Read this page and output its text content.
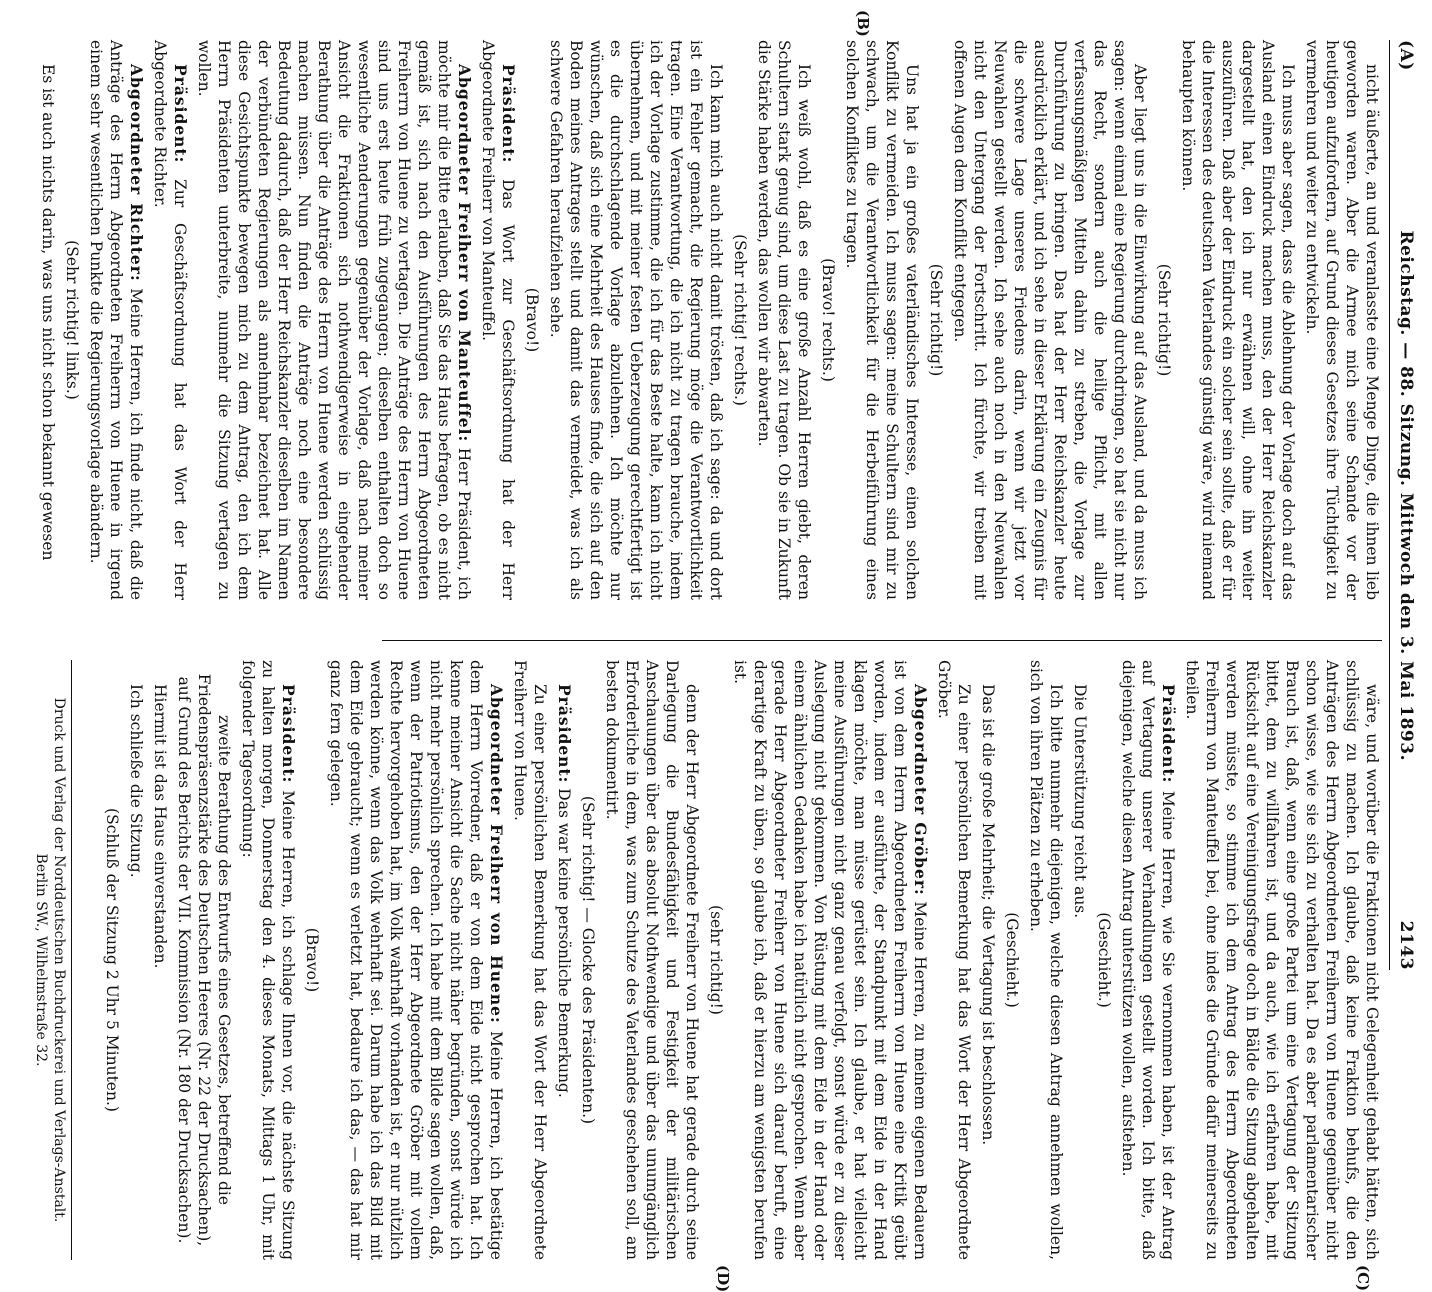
(A)
Reichstag. — 88. Sitzung. Mittwoch den 3. Mai 1893.
2143

nicht äußerte, an und veranlasste eine Menge Dinge, die ihnen lieb geworden waren. Aber die Armee mich seine Schande vor der heutigen aufzufordern, auf Grund dieses Gesetzes ihre Tüchtigkeit zu vermehren und weiter zu entwickeln.

Ich muss aber sagen, dass die Ablehnung der Vorlage doch auf das Ausland einen Eindruck machen muss, den der Herr Reichskanzler dargestellt hat, den ich nur erwähnen will, ohne ihn weiter auszuführen. Daß aber der Eindruck ein solcher sein sollte, daß er für die Interessen des deutschen Vaterlandes günstig wäre, wird niemand behaupten können.

(Sehr richtig!)

Aber liegt uns in die Einwirkung auf das Ausland, und da muss ich sagen: wenn einmal eine Regierung durchdringen, so hat sie nicht nur das Recht, sondern auch die heilige Pflicht, mit allen verfassungsmäßigen Mitteln dahin zu streben, die Vorlage zur Durchführung zu bringen. Das hat der Herr Reichskanzler heute ausdrücklich erklärt, und ich sehe in dieser Erklärung ein Zeugnis für die schwere Lage unseres Friedens darin, wenn wir jetzt vor Neuwahlen gestellt werden. Ich sehe auch noch in den Neuwahlen nicht den Untergang der Fortschritt. Ich fürchte, wir treiben mit offenen Augen dem Konflikt entgegen.

(Sehr richtig!)

Uns hat ja ein großes vaterländisches Interesse, einen solchen Konflikt zu vermeiden. Ich muss sagen: meine Schultern sind mir zu schwach, um die Verantwortlichkeit für die Herbeiführung eines solchen Konfliktes zu tragen.

(Bravo! rechts.)

Ich weiß wohl, daß es eine große Anzahl Herren giebt, deren Schultern stark genug sind, um diese Last zu tragen. Ob sie in Zukunft die Stärke haben werden, das wollen wir abwarten.

(Sehr richtig! rechts.)

Ich kann mich auch nicht damit trösten, daß ich sage: da und dort ist ein Fehler gemacht, die Regierung möge die Verantwortlichkeit tragen. Eine Verantwortung, die ich nicht zu tragen brauche, indem ich der Vorlage zustimme, die ich für das Beste halte, kann ich nicht übernehmen, und mit meiner festen Ueberzeugung gerechtfertigt ist es die durchschlagende Vorlage abzulehnen. Ich möchte nur wünschen, daß sich eine Mehrheit des Hauses finde, die sich auf den Boden meines Antrages stellt und damit das vermeidet, was ich als schwere Gefahren heraufziehen sehe.

(Bravo!)

Präsident: Das Wort zur Geschäftsordnung hat der Herr Abgeordnete Freiherr von Manteuffel.

Abgeordneter Freiherr von Manteuffel: Herr Präsident, ich möchte mir die Bitte erlauben, daß Sie das Haus befragen, ob es nicht gemäß ist, sich nach den Ausführungen des Herrn Abgeordneten Freiherrn von Huene zu vertagen. Die Anträge des Herrn von Huene sind uns erst heute früh zugegangen; dieselben enthalten doch so wesentliche Aenderungen gegenüber der Vorlage, daß nach meiner Ansicht die Fraktionen sich nothwendigerweise in eingehender Berathung über die Anträge des Herrn von Huene werden schlüssig machen müssen. Nun finden die Anträge noch eine besondere Bedeutung dadurch, daß der Herr Reichskanzler dieselben im Namen der verbündeten Regierungen als annehmbar bezeichnet hat. Alle diese Gesichtspunkte bewegen mich zu dem Antrag, den ich dem Herrn Präsidenten unterbreite, nunmehr die Sitzung vertagen zu wollen.

Präsident: Zur Geschäftsordnung hat das Wort der Herr Abgeordnete Richter.

Abgeordneter Richter: Meine Herren, ich finde nicht, daß die Anträge des Herrn Abgeordneten Freiherrn von Huene in irgend einem sehr wesentlichen Punkte die Regierungsvorlage abändern.

(Sehr richtig! links.)

Es ist auch nichts darin, was uns nicht schon bekannt gewesen

wäre, und worüber die Fraktionen nicht Gelegenheit gehabt hätten, sich schlüssig zu machen. Ich glaube, daß keine Fraktion behufs, die den Anträgen des Herrn Abgeordneten Freiherrn von Huene gegenüber nicht schon wisse, wie sie sich zu verhalten hat. Da es aber parlamentarischer Brauch ist, daß, wenn eine große Partei um eine Vertagung der Sitzung bittet, dem zu willfahren ist, und da auch, wie ich erfahren habe, mit Rücksicht auf eine Vereinigungsfrage doch in Bälde die Sitzung abgehalten werden müsste, so stimme ich dem Antrag des Herrn Abgeordneten Freiherrn von Manteuffel bei, ohne indes die Gründe dafür meinerseits zu theilen.

Präsident: Meine Herren, wie Sie vernommen haben, ist der Antrag auf Vertagung unserer Verhandlungen gestellt worden. Ich bitte, daß diejenigen, welche diesen Antrag unterstützen wollen, aufstehen.

(Geschieht.)

Die Unterstützung reicht aus.

Ich bitte nunmehr diejenigen, welche diesen Antrag annehmen wollen, sich von ihren Plätzen zu erheben.

(Geschieht.)

Das ist die große Mehrheit; die Vertagung ist beschlossen.

Zu einer persönlichen Bemerkung hat das Wort der Herr Abgeordnete Gröber.

Abgeordneter Gröber: Meine Herren, zu meinem eigenen Bedauern ist von dem Herrn Abgeordneten Freiherrn von Huene eine Kritik geübt worden, indem er ausführte, der Standpunkt mit dem Eide in der Hand klagen möchte, man müsse gerüstet sein. Ich glaube, er hat vielleicht meine Ausführungen nicht ganz genau verfolgt, sonst würde er zu dieser Auslegung nicht gekommen. Von Rüstung mit dem Eide in der Hand oder einem ähnlichen Gedanken habe ich natürlich nicht gesprochen. Wenn aber gerade Herr Abgeordneter Freiherr von Huene sich darauf beruft, eine derartige Kraft zu üben, so glaube ich, daß er hierzu am wenigsten berufen ist.

(sehr richtig!)

denn der Herr Abgeordnete Freiherr von Huene hat gerade durch seine Darlegung die Bundesfähigkeit und Festigkeit der militärischen Anschauungen über das absolut Nothwendige und über das unumgänglich Erforderliche in dem, was zum Schutze des Vaterlandes geschehen soll, am besten dokumentirt.

(Sehr richtig! — Glocke des Präsidenten.)

Präsident: Das war keine persönliche Bemerkung.

Zu einer persönlichen Bemerkung hat das Wort der Herr Abgeordnete Freiherr von Huene.

Abgeordneter Freiherr von Huene: Meine Herren, ich bestätige dem Herrn Vorredner, daß er von dem Eide nicht gesprochen hat. Ich kenne meiner Ansicht die Sache nicht näher begründen, sonst würde ich nicht mehr persönlich sprechen. Ich habe mit dem Bilde sagen wollen, daß, wenn der Patriotismus, den der Herr Abgeordnete Gröber mit vollem Rechte hervorgehoben hat, im Volk wahrhaft vorhanden ist, er nur nützlich werden könne, wenn das Volk wehrhaft sei. Darum habe ich das Bild mit dem Eide gebraucht; wenn es verletzt hat, bedaure ich das, — das hat mir ganz fern gelegen.

(Bravo!)

Präsident: Meine Herren, ich schlage Ihnen vor, die nächste Sitzung zu halten morgen, Donnerstag den 4. dieses Monats, Mittags 1 Uhr, mit folgender Tagesordnung:

zweite Berathung des Entwurfs eines Gesetzes, betreffend die Friedenspräsenzstärke des Deutschen Heeres (Nr. 22 der Drucksachen), auf Grund des Berichts der VII. Kommission (Nr. 180 der Drucksachen).

Hiermit ist das Haus einverstanden.

Ich schließe die Sitzung.

(Schluß der Sitzung 2 Uhr 5 Minuten.)

(B)
(C)
(D)
Druck und Verlag der Norddeutschen Buchdruckerei und Verlags-Anstalt.
Berlin SW., Wilhelmstraße 32.
